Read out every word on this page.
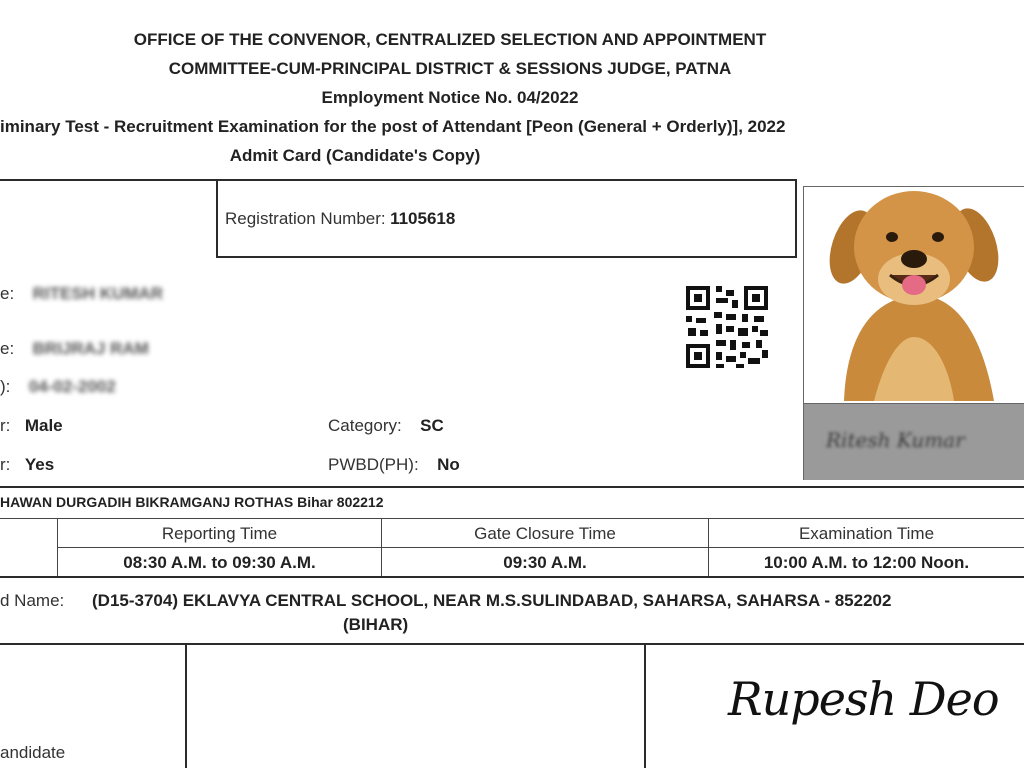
OFFICE OF THE CONVENOR, CENTRALIZED SELECTION AND APPOINTMENT
COMMITTEE-CUM-PRINCIPAL DISTRICT & SESSIONS JUDGE, PATNA
Employment Notice No. 04/2022
iminary Test - Recruitment Examination for the post of Attendant [Peon (General + Orderly)], 2022
Admit Card (Candidate's Copy)
Registration Number: 1105618
e: RITESH KUMAR
e: BRIJRAJ RAM
): 04-02-2002
r: Male	Category: SC
r: Yes	PWBD(PH): No
Ritesh Kumar
HAWAN DURGADIH BIKRAMGANJ ROTHAS Bihar 802212
Reporting Time	Gate Closure Time	Examination Time
08:30 A.M. to 09:30 A.M.	09:30 A.M.	10:00 A.M. to 12:00 Noon.
d Name: (D15-3704) EKLAVYA CENTRAL SCHOOL, NEAR M.S.SULINDABAD, SAHARSA, SAHARSA - 852202
(BIHAR)
andidate
Rupesh Deo
